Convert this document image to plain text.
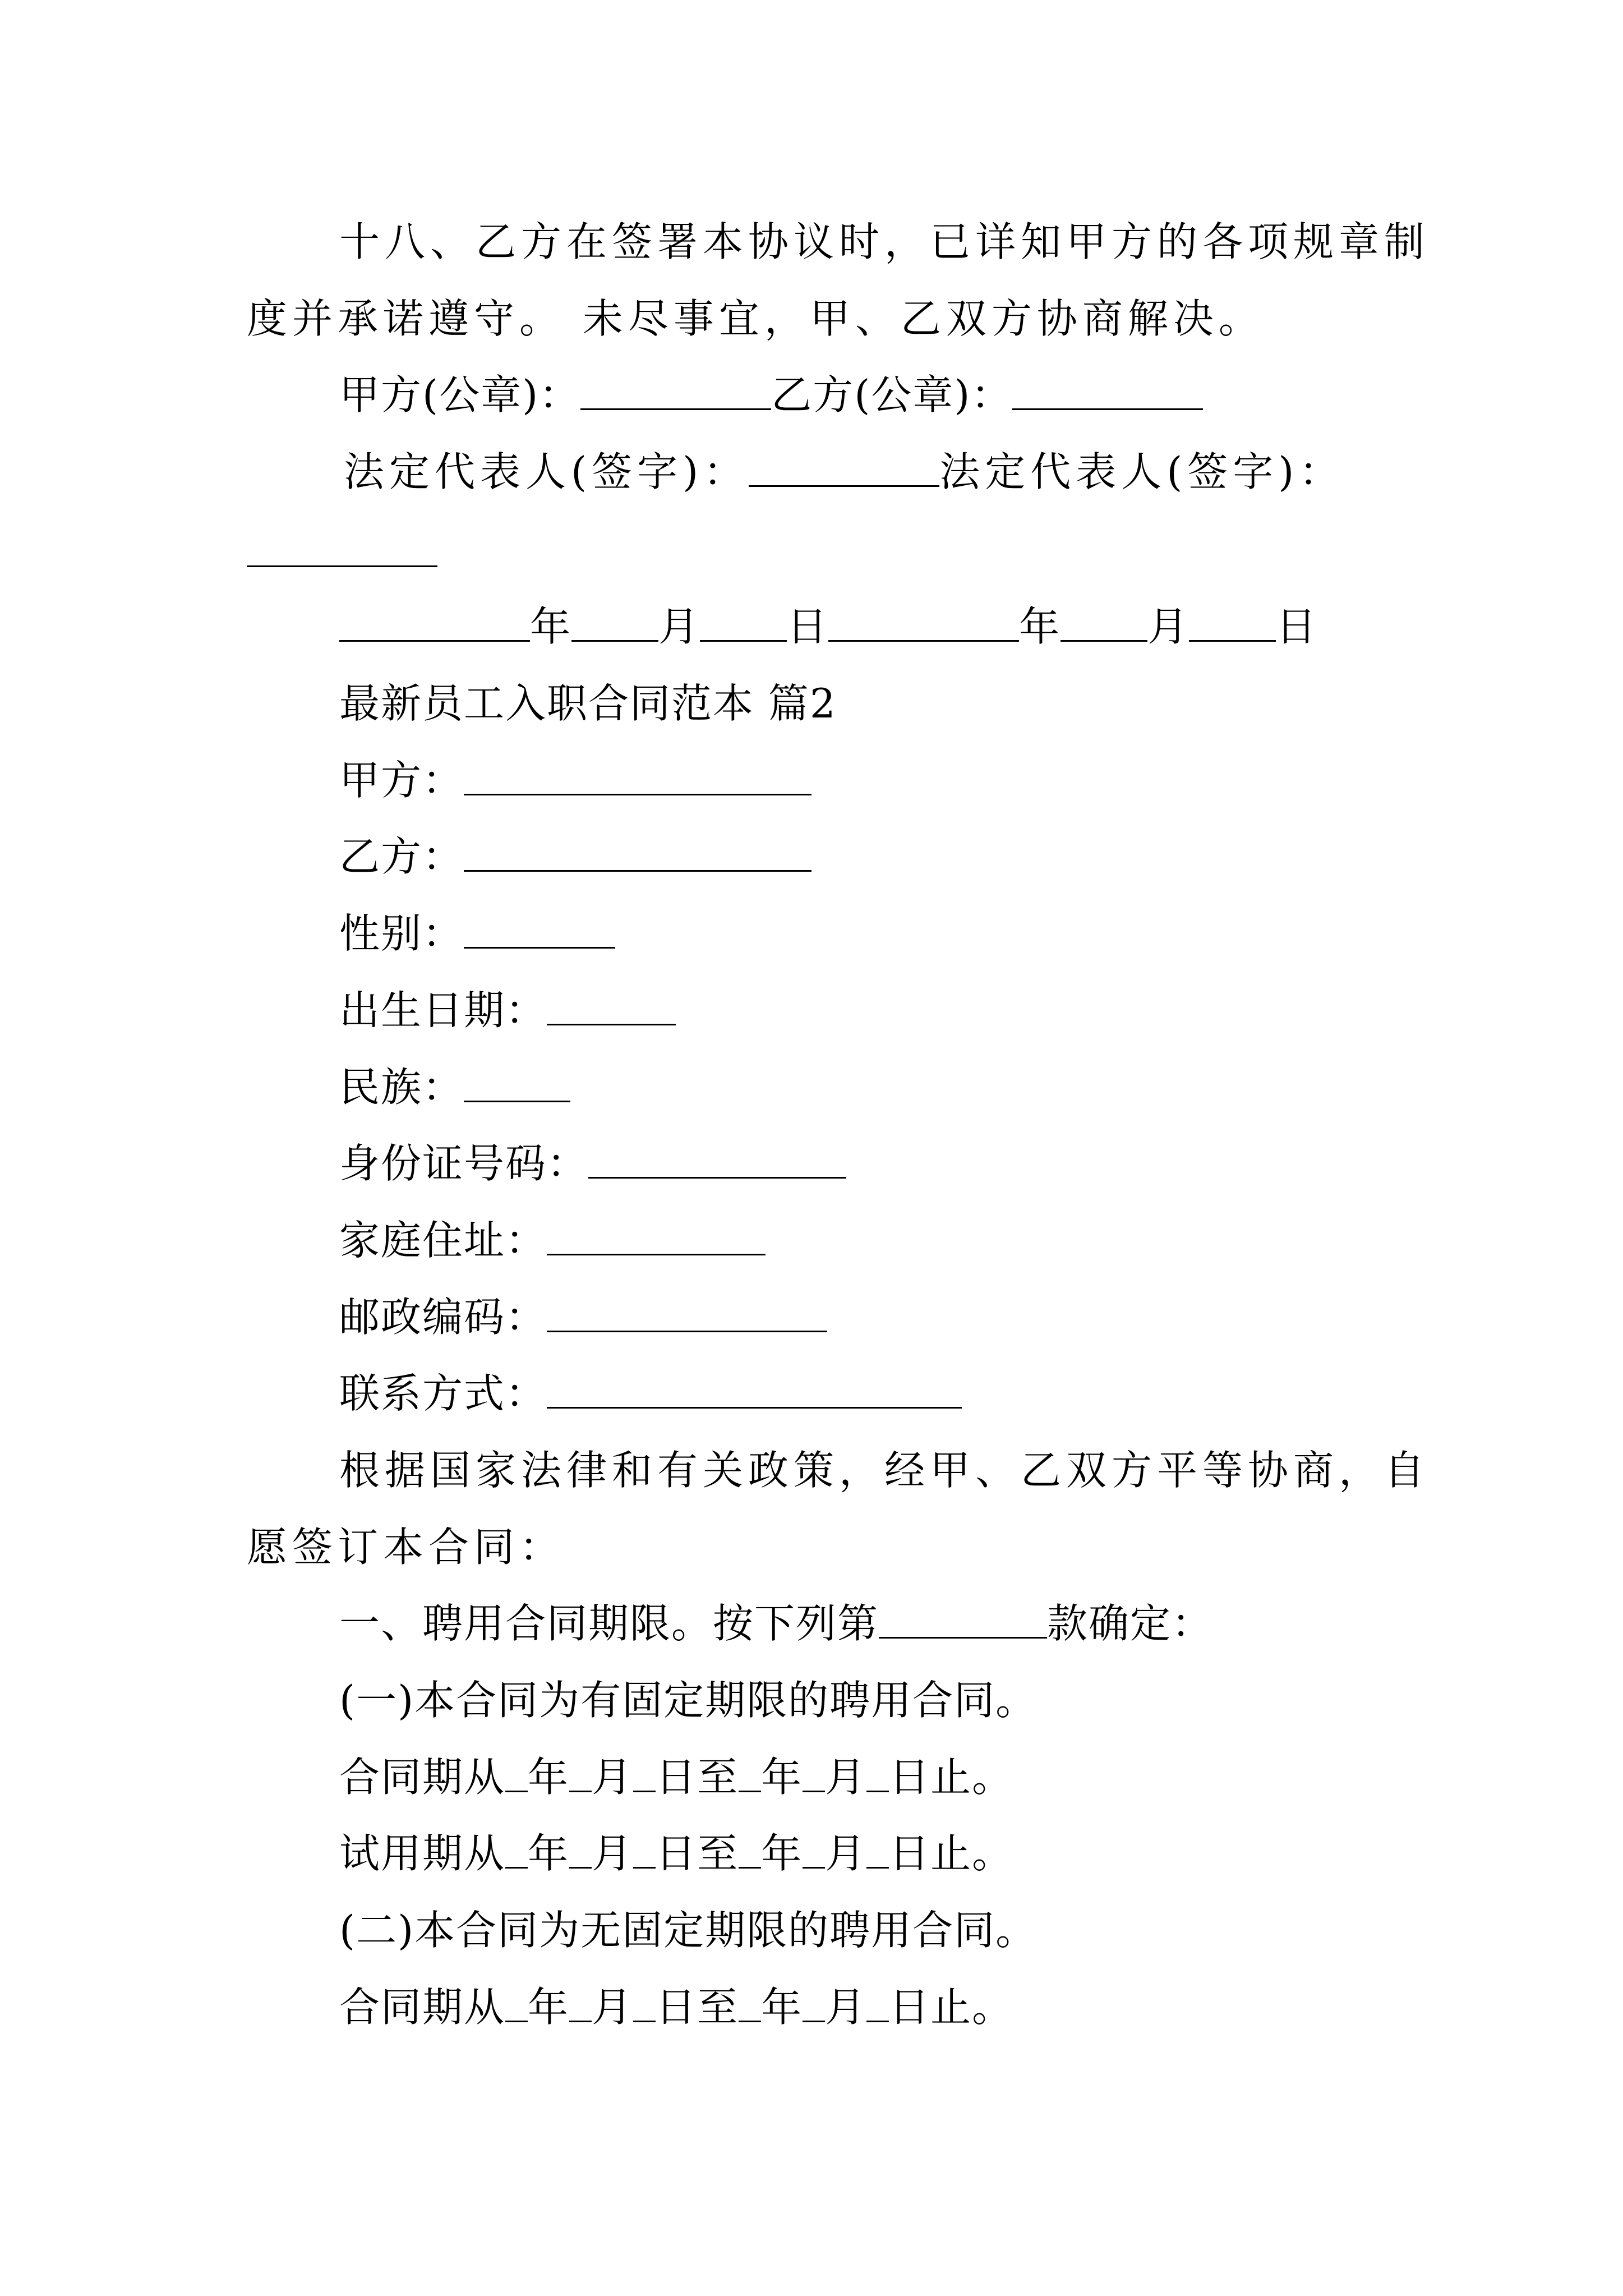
十八、乙方在签署本协议时，已详知甲方的各项规章制
度并承诺遵守。 未尽事宜，甲、乙双方协商解决。
甲方(公章)：	乙方(公章)：
法定代表人(签字)：	法定代表人(签字)：
年 月 日	年 月 日
最新员工入职合同范本 篇2
甲方：
乙方：
性别：
出生日期：
民族：
身份证号码：
家庭住址：
邮政编码：
联系方式：
根据国家法律和有关政策，经甲、乙双方平等协商，自
愿签订本合同：
一、聘用合同期限。按下列第	款确定：
(一)本合同为有固定期限的聘用合同。
合同期从 年 月 日至 年 月 日止。
试用期从 年 月 日至 年 月 日止。
(二)本合同为无固定期限的聘用合同。
合同期从 年 月 日至 年 月 日止。
